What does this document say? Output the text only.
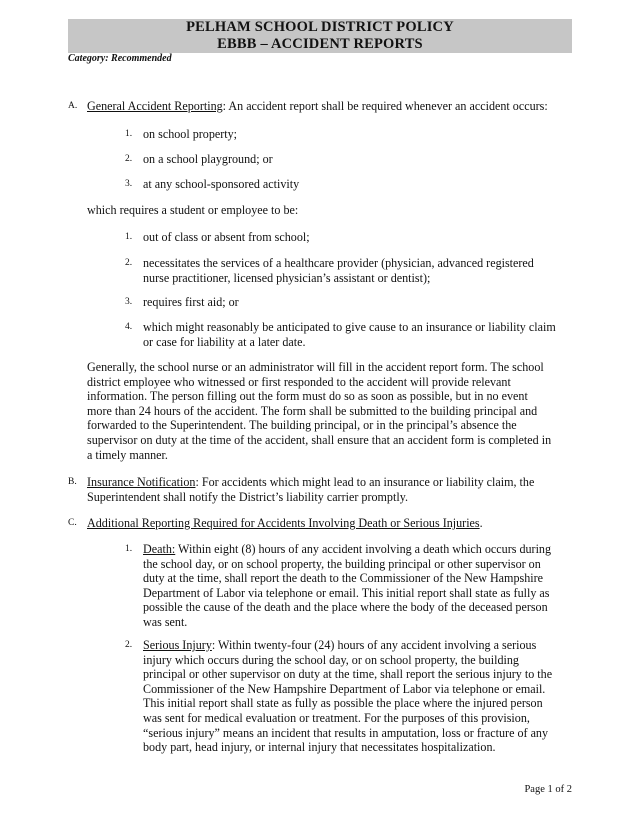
PELHAM SCHOOL DISTRICT POLICY
EBBB – ACCIDENT REPORTS
Category: Recommended
A. General Accident Reporting: An accident report shall be required whenever an accident occurs:
1. on school property;
2. on a school playground; or
3. at any school-sponsored activity
which requires a student or employee to be:
1. out of class or absent from school;
2. necessitates the services of a healthcare provider (physician, advanced registered
nurse practitioner, licensed physician’s assistant or dentist);
3. requires first aid; or
4. which might reasonably be anticipated to give cause to an insurance or liability claim
or case for liability at a later date.
Generally, the school nurse or an administrator will fill in the accident report form. The school
district employee who witnessed or first responded to the accident will provide relevant
information. The person filling out the form must do so as soon as possible, but in no event
more than 24 hours of the accident. The form shall be submitted to the building principal and
forwarded to the Superintendent. The building principal, or in the principal’s absence the
supervisor on duty at the time of the accident, shall ensure that an accident form is completed in
a timely manner.
B. Insurance Notification: For accidents which might lead to an insurance or liability claim, the
Superintendent shall notify the District’s liability carrier promptly.
C. Additional Reporting Required for Accidents Involving Death or Serious Injuries.
1. Death: Within eight (8) hours of any accident involving a death which occurs during
the school day, or on school property, the building principal or other supervisor on
duty at the time, shall report the death to the Commissioner of the New Hampshire
Department of Labor via telephone or email. This initial report shall state as fully as
possible the cause of the death and the place where the body of the deceased person
was sent.
2. Serious Injury: Within twenty-four (24) hours of any accident involving a serious
injury which occurs during the school day, or on school property, the building
principal or other supervisor on duty at the time, shall report the serious injury to the
Commissioner of the New Hampshire Department of Labor via telephone or email.
This initial report shall state as fully as possible the place where the injured person
was sent for medical evaluation or treatment. For the purposes of this provision,
“serious injury” means an incident that results in amputation, loss or fracture of any
body part, head injury, or internal injury that necessitates hospitalization.
Page 1 of 2
